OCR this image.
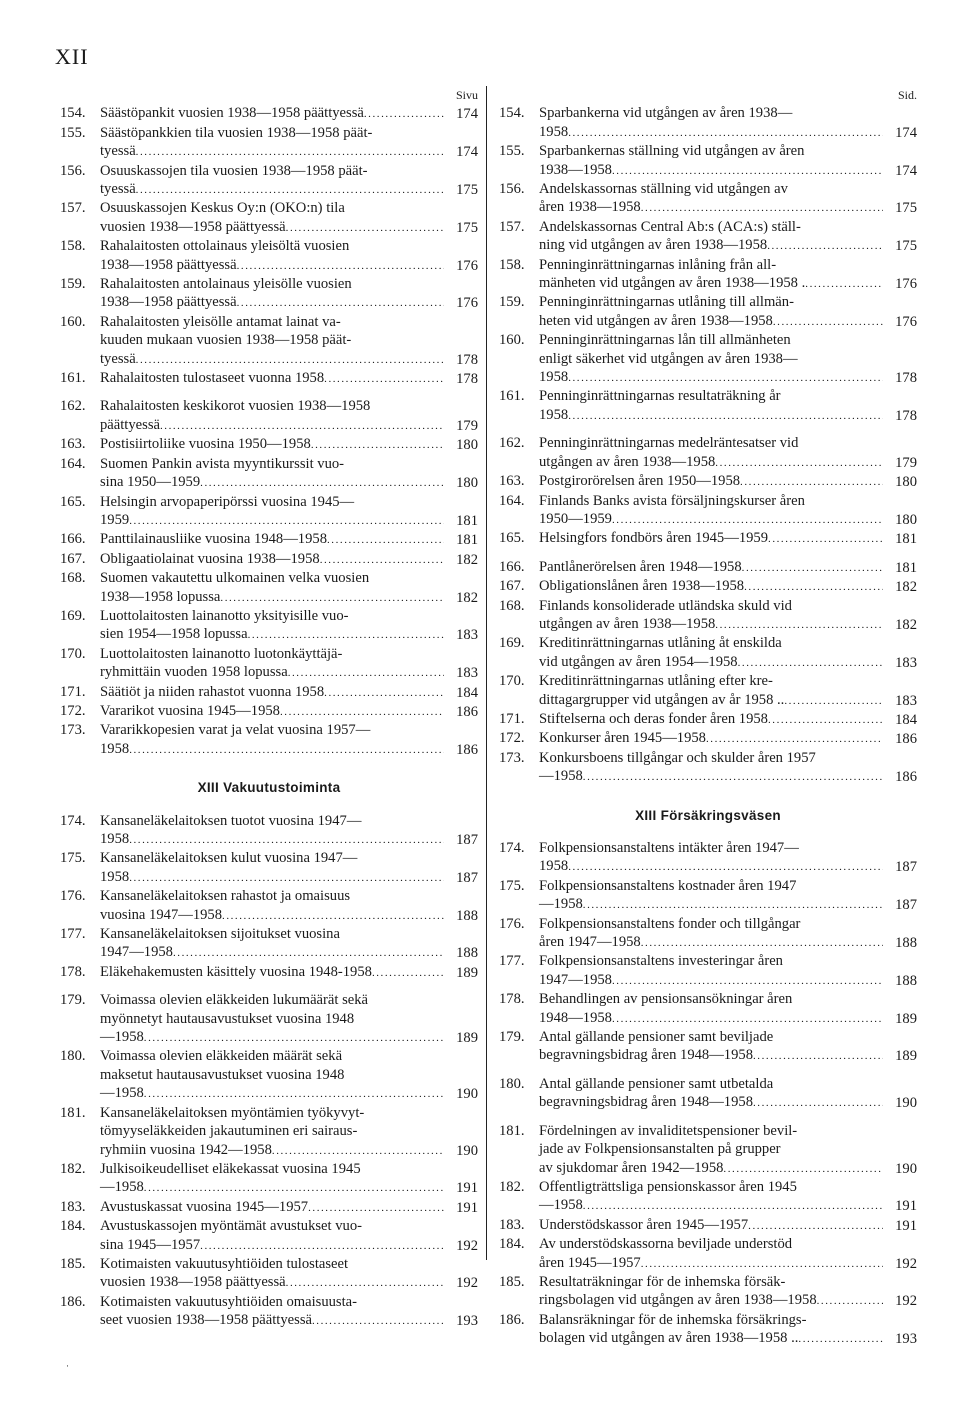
XII
·
Sivu
154. Säästöpankit vuosien 1938—1958 päättyessä . . .	174
155. Säästöpankkien tila vuosien 1938—1958 päät-
tyessä . . .	174
156. Osuuskassojen tila vuosien 1938—1958 päät-
tyessä . . .	175
157. Osuuskassojen Keskus Oy:n (OKO:n) tila
vuosien 1938—1958 päättyessä . . .	175
158. Rahalaitosten ottolainaus yleisöltä vuosien
1938—1958 päättyessä . . .	176
159. Rahalaitosten antolainaus yleisölle vuosien
1938—1958 päättyessä . . .	176
160. Rahalaitosten yleisölle antamat lainat va-
kuuden mukaan vuosien 1938—1958 päät-
tyessä . . .	178
161. Rahalaitosten tulostaseet vuonna 1958 . . .	178
162. Rahalaitosten keskikorot vuosien 1938—1958
päättyessä . . .	179
163. Postisiirtoliike vuosina 1950—1958 . . .	180
164. Suomen Pankin avista myyntikurssit vuo-
sina 1950—1959 . . .	180
165. Helsingin arvopaperipörssi vuosina 1945—
1959 . . .	181
166. Panttilainausliike vuosina 1948—1958 . . .	181
167. Obligaatiolainat vuosina 1938—1958 . . .	182
168. Suomen vakautettu ulkomainen velka vuosien
1938—1958 lopussa . . .	182
169. Luottolaitosten lainanotto yksityisille vuo-
sien 1954—1958 lopussa . . .	183
170. Luottolaitosten lainanotto luotonkäyttäjä-
ryhmittäin vuoden 1958 lopussa . . .	183
171. Säätiöt ja niiden rahastot vuonna 1958 . . .	184
172. Vararikot vuosina 1945—1958 . . .	186
173. Vararikkopesien varat ja velat vuosina 1957—
1958 . . .	186
XIII Vakuutustoiminta
174. Kansaneläkelaitoksen tuotot vuosina 1947—
1958 . . .	187
175. Kansaneläkelaitoksen kulut vuosina 1947—
1958 . . .	187
176. Kansaneläkelaitoksen rahastot ja omaisuus
vuosina 1947—1958 . . .	188
177. Kansaneläkelaitoksen sijoitukset vuosina
1947—1958 . . .	188
178. Eläkehakemusten käsittely vuosina 1948-1958 . . .	189
179. Voimassa olevien eläkkeiden lukumäärät sekä
myönnetyt hautausavustukset vuosina 1948
—1958 . . .	189
180. Voimassa olevien eläkkeiden määrät sekä
maksetut hautausavustukset vuosina 1948
—1958 . . .	190
181. Kansaneläkelaitoksen myöntämien työkyvyt-
tömyyseläkkeiden jakautuminen eri sairaus-
ryhmiin vuosina 1942—1958 . . .	190
182. Julkisoikeudelliset eläkekassat vuosina 1945
—1958 . . .	191
183. Avustuskassat vuosina 1945—1957 . . .	191
184. Avustuskassojen myöntämät avustukset vuo-
sina 1945—1957 . . .	192
185. Kotimaisten vakuutusyhtiöiden tulostaseet
vuosien 1938—1958 päättyessä . . .	192
186. Kotimaisten vakuutusyhtiöiden omaisuusta-
seet vuosien 1938—1958 päättyessä . . .	193
Sid.
154. Sparbankerna vid utgången av åren 1938—
1958 . . .	174
155. Sparbankernas ställning vid utgången av åren
1938—1958 . . .	174
156. Andelskassornas ställning vid utgången av
åren 1938—1958 . . .	175
157. Andelskassornas Central Ab:s (ACA:s) ställ-
ning vid utgången av åren 1938—1958 . . .	175
158. Penninginrättningarnas inlåning från all-
mänheten vid utgången av åren 1938—1958 . . . .	176
159. Penninginrättningarnas utlåning till allmän-
heten vid utgången av åren 1938—1958 . . .	176
160. Penninginrättningarnas lån till allmänheten
enligt säkerhet vid utgången av åren 1938—
1958 . . .	178
161. Penninginrättningarnas resultaträkning år
1958 . . .	178
162. Penninginrättningarnas medelräntesatser vid
utgången av åren 1938—1958 . . .	179
163. Postgirorörelsen åren 1950—1958 . . .	180
164. Finlands Banks avista försäljningskurser åren
1950—1959 . . .	180
165. Helsingfors fondbörs åren 1945—1959 . . .	181
166. Pantlånerörelsen åren 1948—1958 . . .	181
167. Obligationslånen åren 1938—1958 . . .	182
168. Finlands konsoliderade utländska skuld vid
utgången av åren 1938—1958 . . .	182
169. Kreditinrättningarnas utlåning åt enskilda
vid utgången av åren 1954—1958 . . .	183
170. Kreditinrättningarnas utlåning efter kre-
dittagargrupper vid utgången av år 1958 .. . . .	183
171. Stiftelserna och deras fonder åren 1958 . . .	184
172. Konkurser åren 1945—1958 . . .	186
173. Konkursboens tillgångar och skulder åren 1957
—1958 . . .	186
XIII Försäkringsväsen
174. Folkpensionsanstaltens intäkter åren 1947—
1958 . . .	187
175. Folkpensionsanstaltens kostnader åren 1947
—1958 . . .	187
176. Folkpensionsanstaltens fonder och tillgångar
åren 1947—1958 . . .	188
177. Folkpensionsanstaltens investeringar åren
1947—1958 . . .	188
178. Behandlingen av pensionsansökningar åren
1948—1958 . . .	189
179. Antal gällande pensioner samt beviljade
begravningsbidrag åren 1948—1958 . . .	189
180. Antal gällande pensioner samt utbetalda
begravningsbidrag åren 1948—1958 . . .	190
181. Fördelningen av invaliditetspensioner bevil-
jade av Folkpensionsanstalten på grupper
av sjukdomar åren 1942—1958 . . .	190
182. Offentligträttsliga pensionskassor åren 1945
—1958 . . .	191
183. Understödskassor åren 1945—1957 . . .	191
184. Av understödskassorna beviljade understöd
åren 1945—1957 . . .	192
185. Resultaträkningar för de inhemska försäk-
ringsbolagen vid utgången av åren 1938—1958 . . .	192
186. Balansräkningar för de inhemska försäkrings-
bolagen vid utgången av åren 1938—1958 .. . . .	193
